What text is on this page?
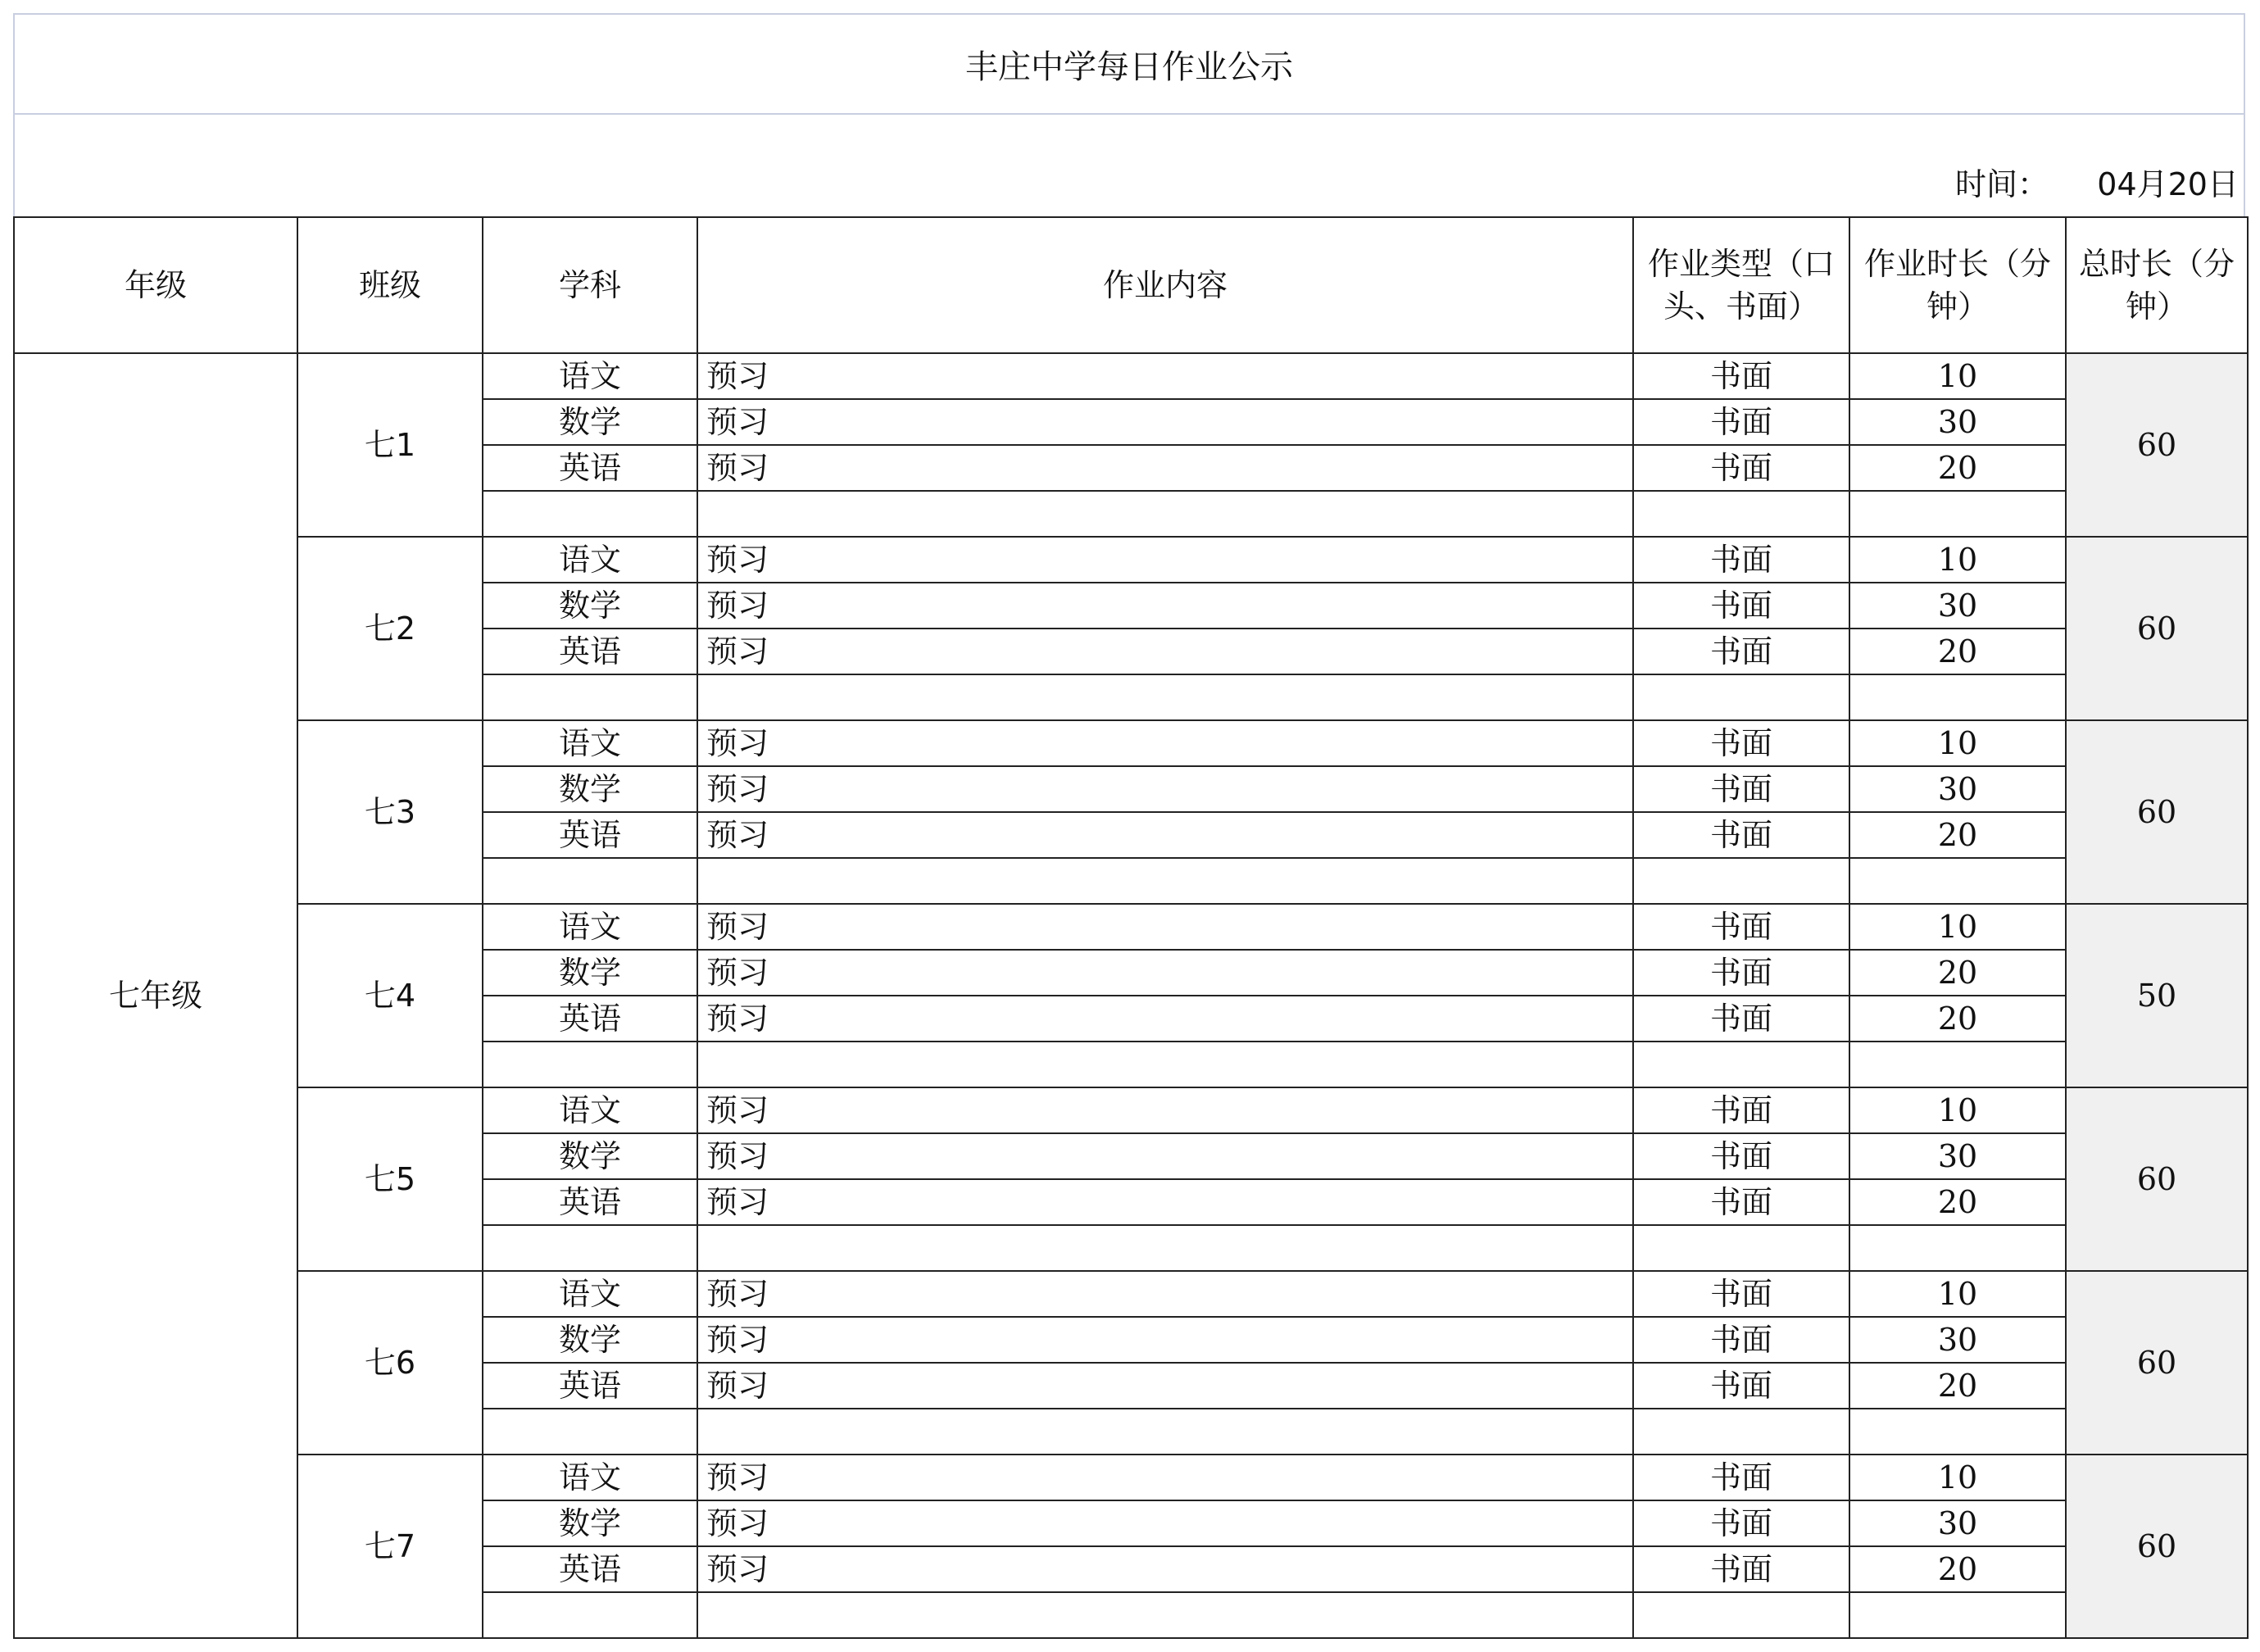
丰庄中学每日作业公示
时间： 04月20日
年级	班级	学科	作业内容	作业类型（口头、书面）	作业时长（分钟）	总时长（分钟）
七年级	七1	语文	预习	书面	10	60
		数学	预习	书面	30	
		英语	预习	书面	20	

	七2	语文	预习	书面	10	60
		数学	预习	书面	30	
		英语	预习	书面	20	

	七3	语文	预习	书面	10	60
		数学	预习	书面	30	
		英语	预习	书面	20	

	七4	语文	预习	书面	10	50
		数学	预习	书面	20	
		英语	预习	书面	20	

	七5	语文	预习	书面	10	60
		数学	预习	书面	30	
		英语	预习	书面	20	

	七6	语文	预习	书面	10	60
		数学	预习	书面	30	
		英语	预习	书面	20	

	七7	语文	预习	书面	10	60
		数学	预习	书面	30	
		英语	预习	书面	20	
